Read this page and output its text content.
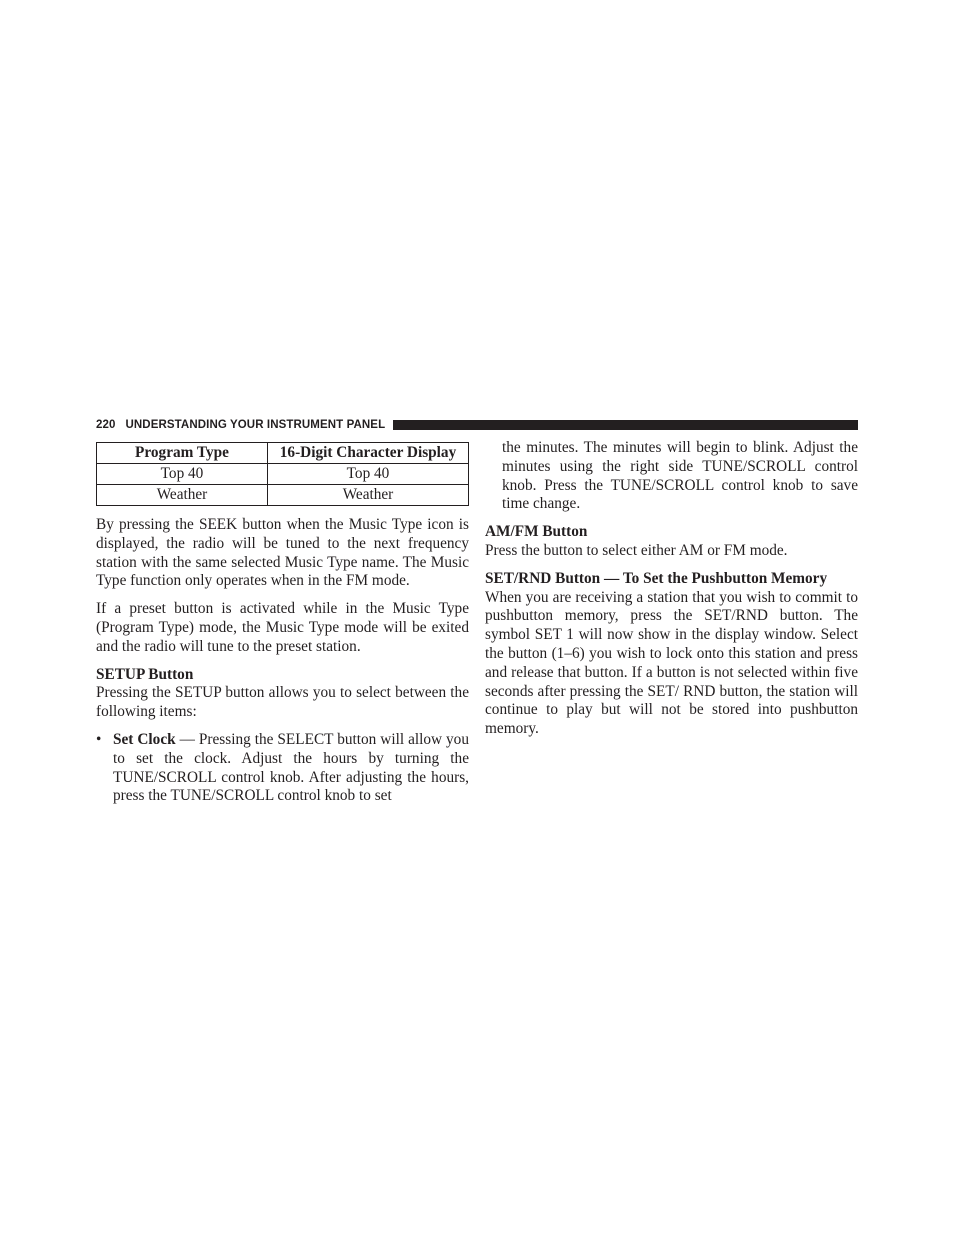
220 UNDERSTANDING YOUR INSTRUMENT PANEL
Program Type	16-Digit Character Display
Top 40	Top 40
Weather	Weather

By pressing the SEEK button when the Music Type icon is displayed, the radio will be tuned to the next frequency station with the same selected Music Type name. The Music Type function only operates when in the FM mode.

If a preset button is activated while in the Music Type (Program Type) mode, the Music Type mode will be exited and the radio will tune to the preset station.

SETUP Button

Pressing the SETUP button allows you to select between the following items:

• Set Clock — Pressing the SELECT button will allow you to set the clock. Adjust the hours by turning the TUNE/SCROLL control knob. After adjusting the hours, press the TUNE/SCROLL control knob to set

the minutes. The minutes will begin to blink. Adjust the minutes using the right side TUNE/SCROLL control knob. Press the TUNE/SCROLL control knob to save time change.

AM/FM Button

Press the button to select either AM or FM mode.

SET/RND Button — To Set the Pushbutton Memory

When you are receiving a station that you wish to commit to pushbutton memory, press the SET/RND button. The symbol SET 1 will now show in the display window. Select the button (1–6) you wish to lock onto this station and press and release that button. If a button is not selected within five seconds after pressing the SET/ RND button, the station will continue to play but will not be stored into pushbutton memory.
